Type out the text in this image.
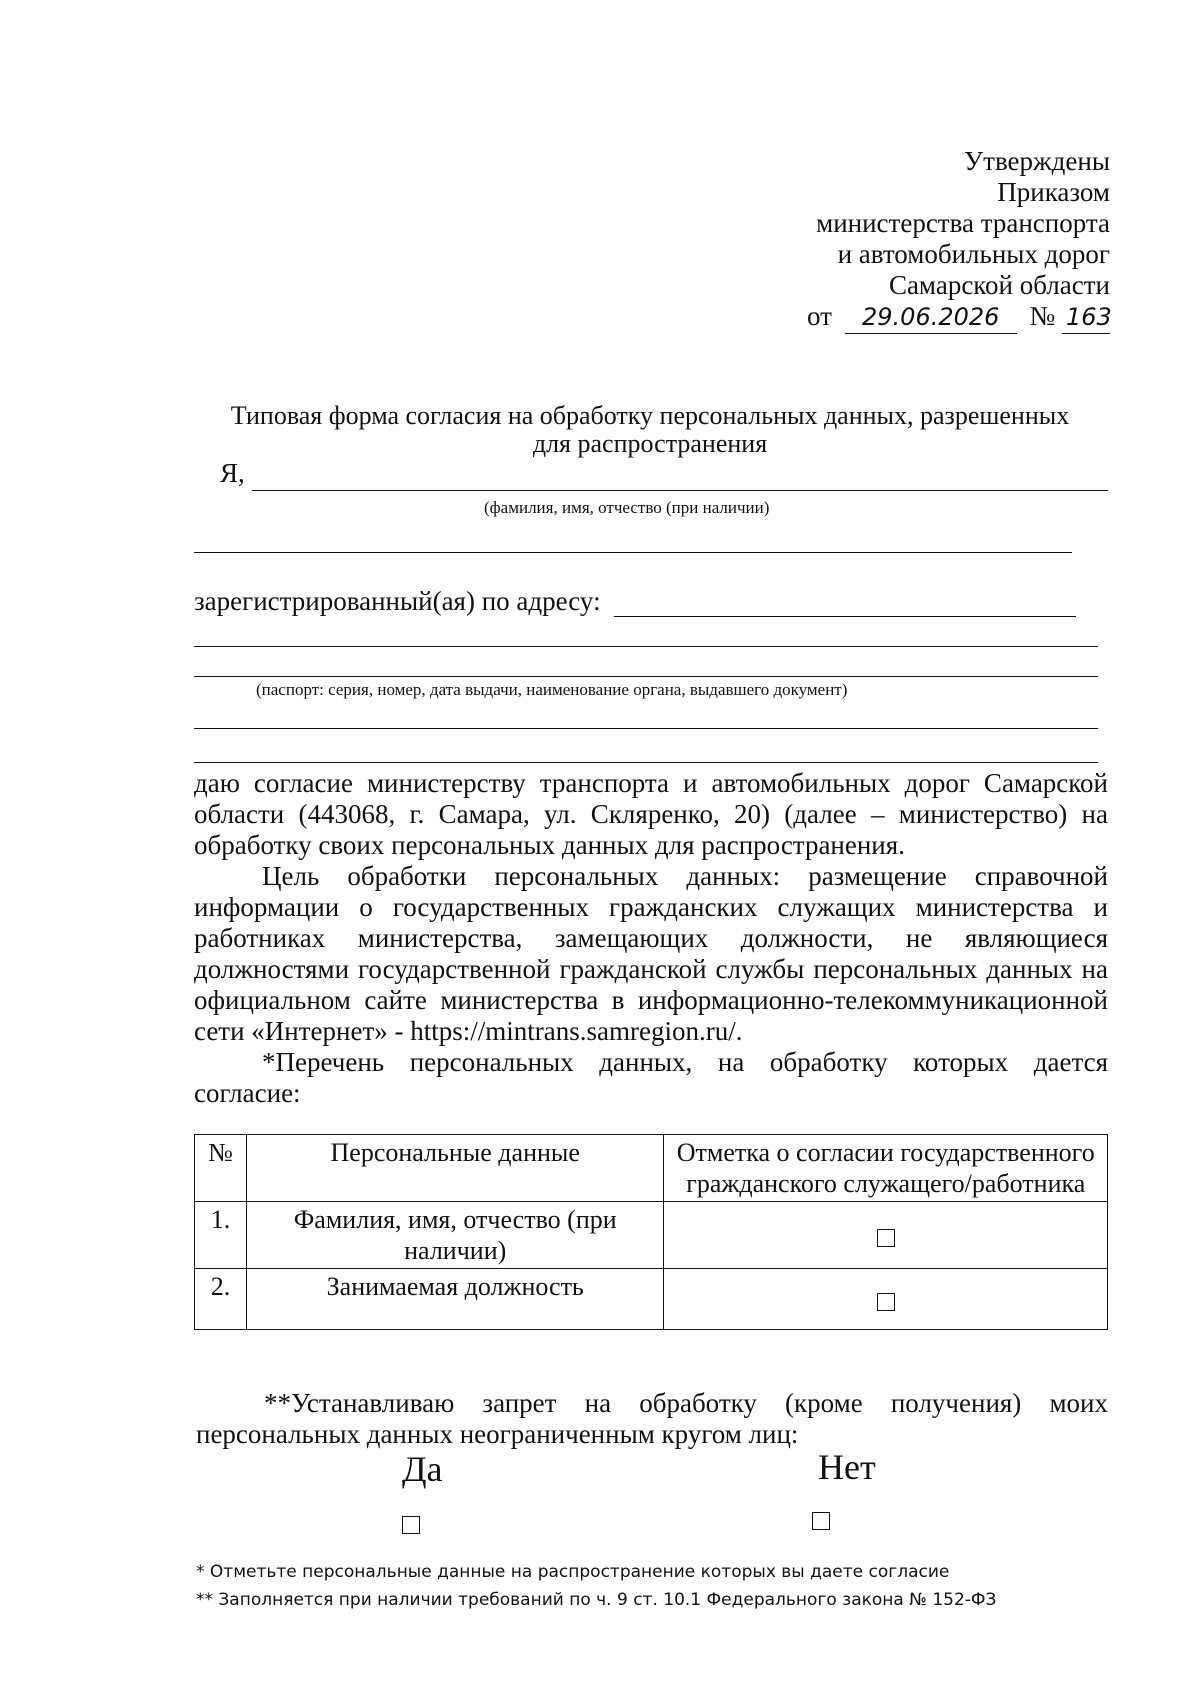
Утверждены
Приказом
министерства транспорта
и автомобильных дорог
Самарской области
от 29.06.2026 № 163
Типовая форма согласия на обработку персональных данных, разрешенных
для распространения
Я,
(фамилия, имя, отчество (при наличии)
зарегистрированный(ая) по адресу:
(паспорт: серия, номер, дата выдачи, наименование органа, выдавшего документ)
даю согласие министерству транспорта и автомобильных дорог Самарской области (443068, г. Самара, ул. Скляренко, 20) (далее – министерство) на обработку своих персональных данных для распространения.
Цель обработки персональных данных: размещение справочной информации о государственных гражданских служащих министерства и работниках министерства, замещающих должности, не являющиеся должностями государственной гражданской службы персональных данных на официальном сайте министерства в информационно-телекоммуникационной сети «Интернет» - https://mintrans.samregion.ru/.
*Перечень персональных данных, на обработку которых дается согласие:
№	Персональные данные	Отметка о согласии государственного гражданского служащего/работника
1.	Фамилия, имя, отчество (при наличии)	
2.	Занимаемая должность	
**Устанавливаю запрет на обработку (кроме получения) моих персональных данных неограниченным кругом лиц:
Да	Нет
* Отметьте персональные данные на распространение которых вы даете согласие
** Заполняется при наличии требований по ч. 9 ст. 10.1 Федерального закона № 152-ФЗ
